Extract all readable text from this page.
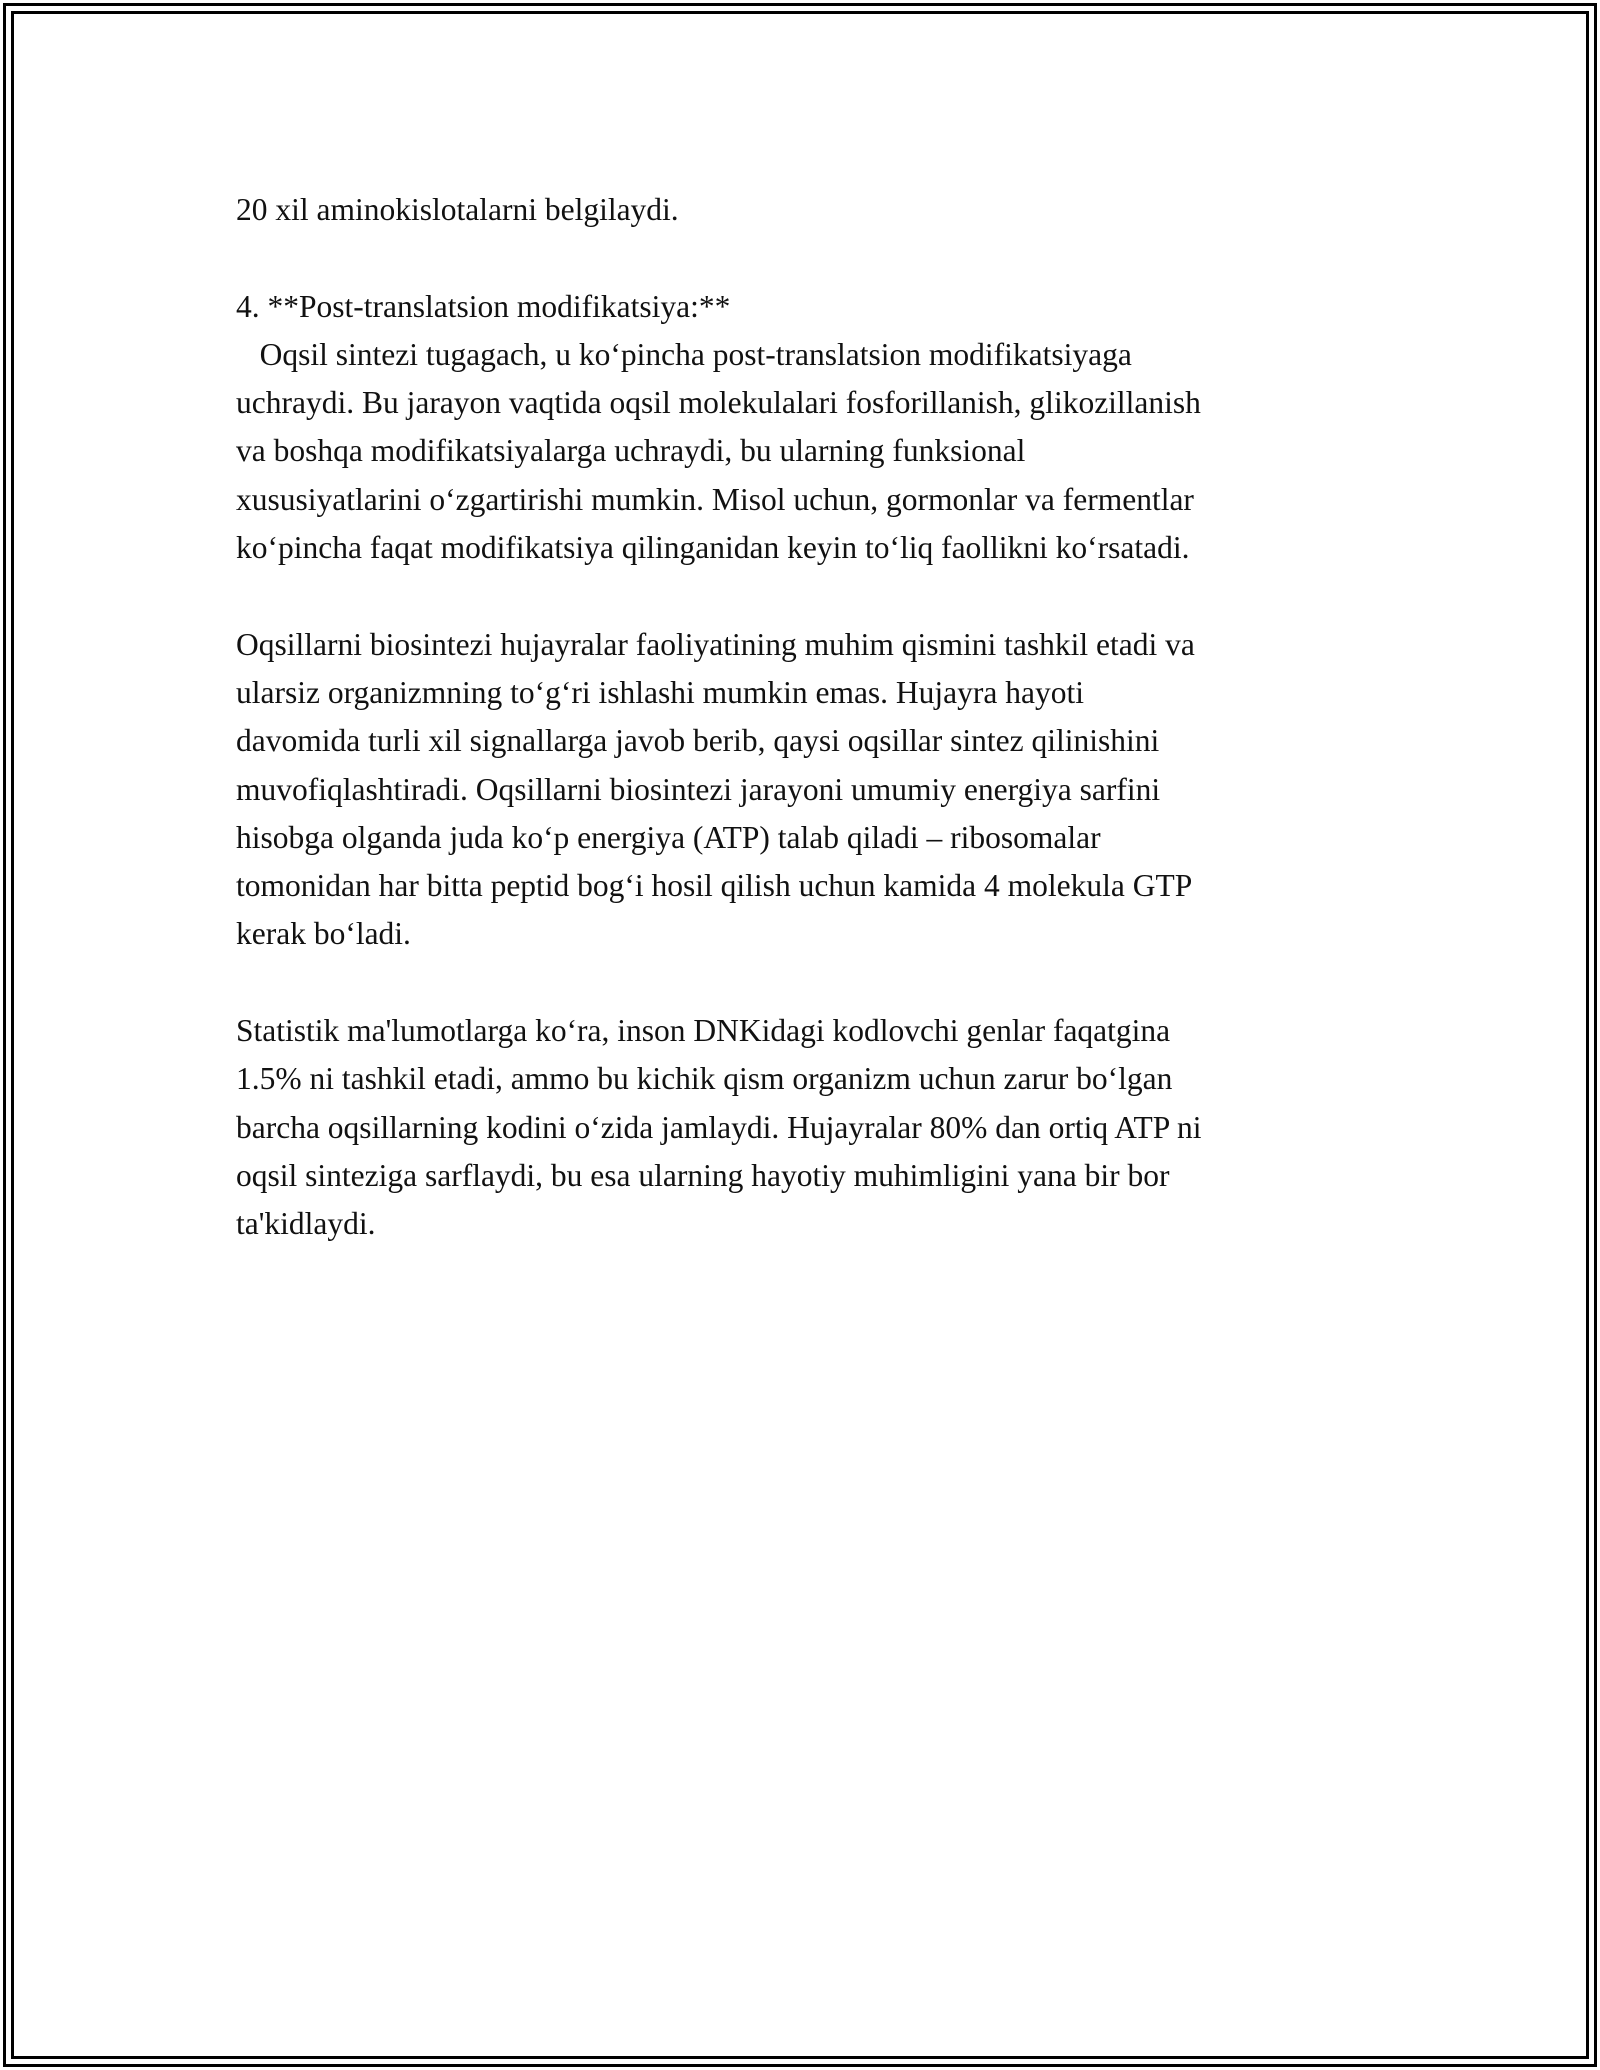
20 xil aminokislotalarni belgilaydi.
4. **Post-translatsion modifikatsiya:**
Oqsil sintezi tugagach, u ko‘pincha post-translatsion modifikatsiyaga
uchraydi. Bu jarayon vaqtida oqsil molekulalari fosforillanish, glikozillanish
va boshqa modifikatsiyalarga uchraydi, bu ularning funksional
xususiyatlarini o‘zgartirishi mumkin. Misol uchun, gormonlar va fermentlar
ko‘pincha faqat modifikatsiya qilinganidan keyin to‘liq faollikni ko‘rsatadi.
Oqsillarni biosintezi hujayralar faoliyatining muhim qismini tashkil etadi va
ularsiz organizmning to‘g‘ri ishlashi mumkin emas. Hujayra hayoti
davomida turli xil signallarga javob berib, qaysi oqsillar sintez qilinishini
muvofiqlashtiradi. Oqsillarni biosintezi jarayoni umumiy energiya sarfini
hisobga olganda juda ko‘p energiya (ATP) talab qiladi – ribosomalar
tomonidan har bitta peptid bog‘i hosil qilish uchun kamida 4 molekula GTP
kerak bo‘ladi.
Statistik ma'lumotlarga ko‘ra, inson DNKidagi kodlovchi genlar faqatgina
1.5% ni tashkil etadi, ammo bu kichik qism organizm uchun zarur bo‘lgan
barcha oqsillarning kodini o‘zida jamlaydi. Hujayralar 80% dan ortiq ATP ni
oqsil sinteziga sarflaydi, bu esa ularning hayotiy muhimligini yana bir bor
ta'kidlaydi.
